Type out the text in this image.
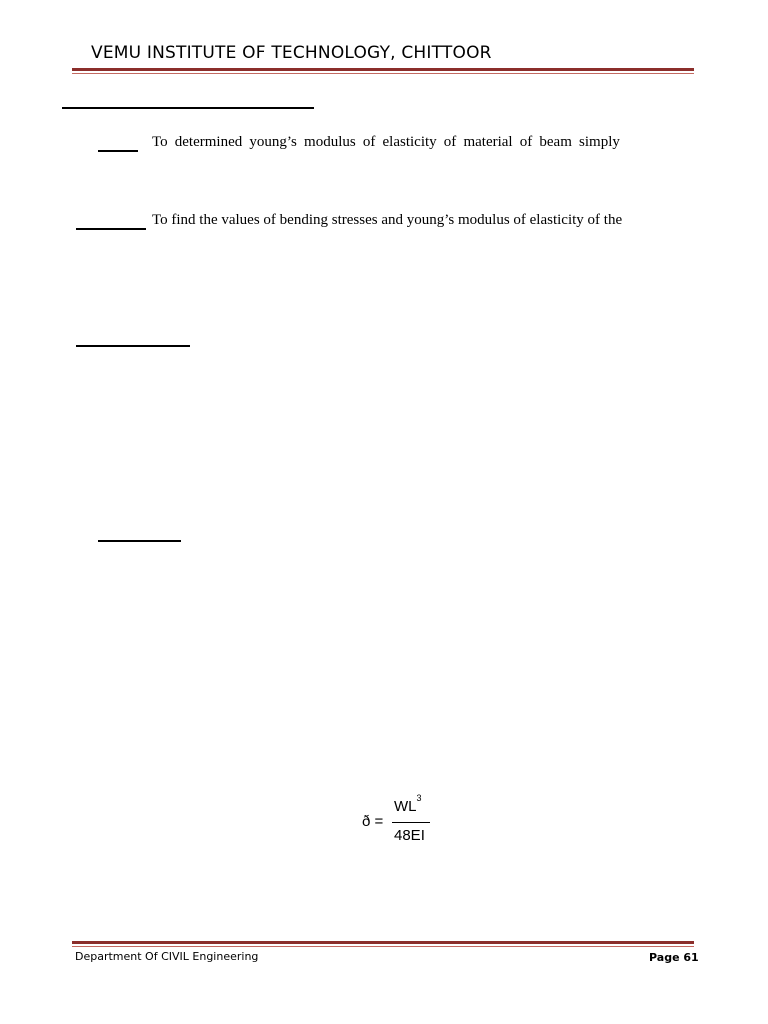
VEMU INSTITUTE OF TECHNOLOGY, CHITTOOR
To determined young’s modulus of elasticity of material of beam simply
To find the values of bending stresses and young’s modulus of elasticity of the
ð =
$WL^3$
48EI
Department Of CIVIL Engineering	Page 61
